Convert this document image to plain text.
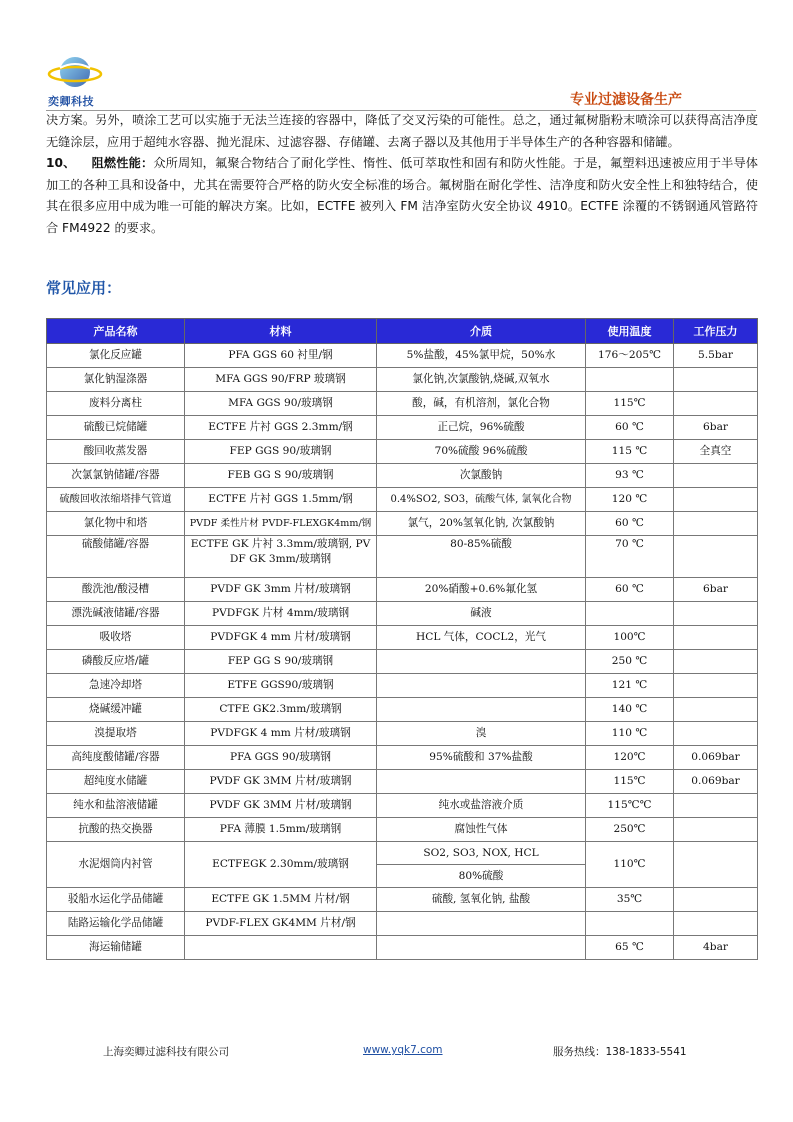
奕卿科技	专业过滤设备生产

决方案。另外，喷涂工艺可以实施于无法兰连接的容器中，降低了交叉污染的可能性。总之，通过氟树脂粉末喷涂可以获得高洁净度无缝涂层，应用于超纯水容器、抛光混床、过滤容器、存储罐、去离子器以及其他用于半导体生产的各种容器和储罐。

10、 阻燃性能：众所周知，氟聚合物结合了耐化学性、惰性、低可萃取性和固有和防火性能。于是，氟塑料迅速被应用于半导体加工的各种工具和设备中，尤其在需要符合严格的防火安全标准的场合。氟树脂在耐化学性、洁净度和防火安全性上和独特结合，使其在很多应用中成为唯一可能的解决方案。比如，ECTFE 被列入 FM 洁净室防火安全协议 4910。ECTFE 涂覆的不锈钢通风管路符合 FM4922 的要求。

常见应用：
产品名称	材料	介质	使用温度	工作压力
氯化反应罐	PFA GGS 60 衬里/钢	5%盐酸，45%氯甲烷，50%水	176～205℃	5.5bar
氯化钠湿涤器	MFA GGS 90/FRP 玻璃钢	氯化钠,次氯酸钠,烧碱,双氧水		
废料分离柱	MFA GGS 90/玻璃钢	酸，碱，有机溶剂，氯化合物	115℃	
硫酸已烷储罐	ECTFE 片衬 GGS 2.3mm/钢	正己烷，96%硫酸	60 ℃	6bar
酸回收蒸发器	FEP GGS 90/玻璃钢	70%硫酸 96%硫酸	115 ℃	全真空
次氯氯钠储罐/容器	FEB GG S 90/玻璃钢	次氯酸钠	93 ℃	
硫酸回收浓缩塔排气管道	ECTFE 片衬 GGS 1.5mm/钢	0.4%SO2, SO3，硫酸气体, 氯氧化合物	120 ℃	
氯化物中和塔	PVDF 柔性片材 PVDF-FLEXGK4mm/钢	氯气，20%氢氧化钠, 次氯酸钠	60 ℃	
硫酸储罐/容器	ECTFE GK 片衬 3.3mm/玻璃钢, PVDF GK 3mm/玻璃钢	80-85%硫酸	70 ℃	
酸洗池/酸浸槽	PVDF GK 3mm 片材/玻璃钢	20%硝酸+0.6%氟化氢	60 ℃	6bar
漂洗碱液储罐/容器	PVDFGK 片材 4mm/玻璃钢	碱液		
吸收塔	PVDFGK 4 mm 片材/玻璃钢	HCL 气体，COCL2，光气	100℃	
磷酸反应塔/罐	FEP GG S 90/玻璃钢		250 ℃	
急速冷却塔	ETFE GGS90/玻璃钢		121 ℃	
烧碱缓冲罐	CTFE GK2.3mm/玻璃钢		140 ℃	
溴提取塔	PVDFGK 4 mm 片材/玻璃钢	溴	110 ℃	
高纯度酸储罐/容器	PFA GGS 90/玻璃钢	95%硫酸和 37%盐酸	120℃	0.069bar
超纯度水储罐	PVDF GK 3MM 片材/玻璃钢		115℃	0.069bar
纯水和盐溶液储罐	PVDF GK 3MM 片材/玻璃钢	纯水或盐溶液介质	115℃℃	
抗酸的热交换器	PFA 薄膜 1.5mm/玻璃钢	腐蚀性气体	250℃	
水泥烟筒内衬管	ECTFEGK 2.30mm/玻璃钢	SO2, SO3, NOX, HCL	110℃	
		80%硫酸		
驳船水运化学品储罐	ECTFE GK 1.5MM 片材/钢	硫酸, 氢氧化钠, 盐酸	35℃	
陆路运输化学品储罐	PVDF-FLEX GK4MM 片材/钢			
海运输储罐			65 ℃	4bar
上海奕卿过滤科技有限公司	www.yqk7.com	服务热线：138-1833-5541
